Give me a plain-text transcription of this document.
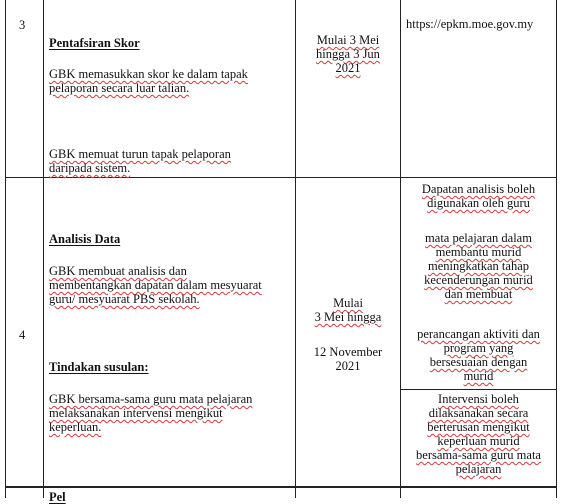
3
Pentafsiran Skor
GBK memasukkan skor ke dalam tapak
pelaporan secara luar talian.
GBK memuat turun tapak pelaporan
daripada sistem.
Mulai 3 Mei
hingga 3 Jun
2021
https://epkm.moe.gov.my
4
Analisis Data
GBK membuat analisis dan
membentangkan dapatan dalam mesyuarat
guru/ mesyuarat PBS sekolah.
Tindakan susulan:
GBK bersama-sama guru mata pelajaran
melaksanakan intervensi mengikut
keperluan.
Mulai
3 Mei hingga
12 November
2021
Dapatan analisis boleh
digunakan oleh guru
mata pelajaran dalam
membantu murid
meningkatkan tahap
kecenderungan murid
dan membuat
perancangan aktiviti dan
program yang
bersesuaian dengan
murid
Intervensi boleh
dilaksanakan secara
berterusan mengikut
keperluan murid
bersama-sama guru mata
pelajaran
Pel
